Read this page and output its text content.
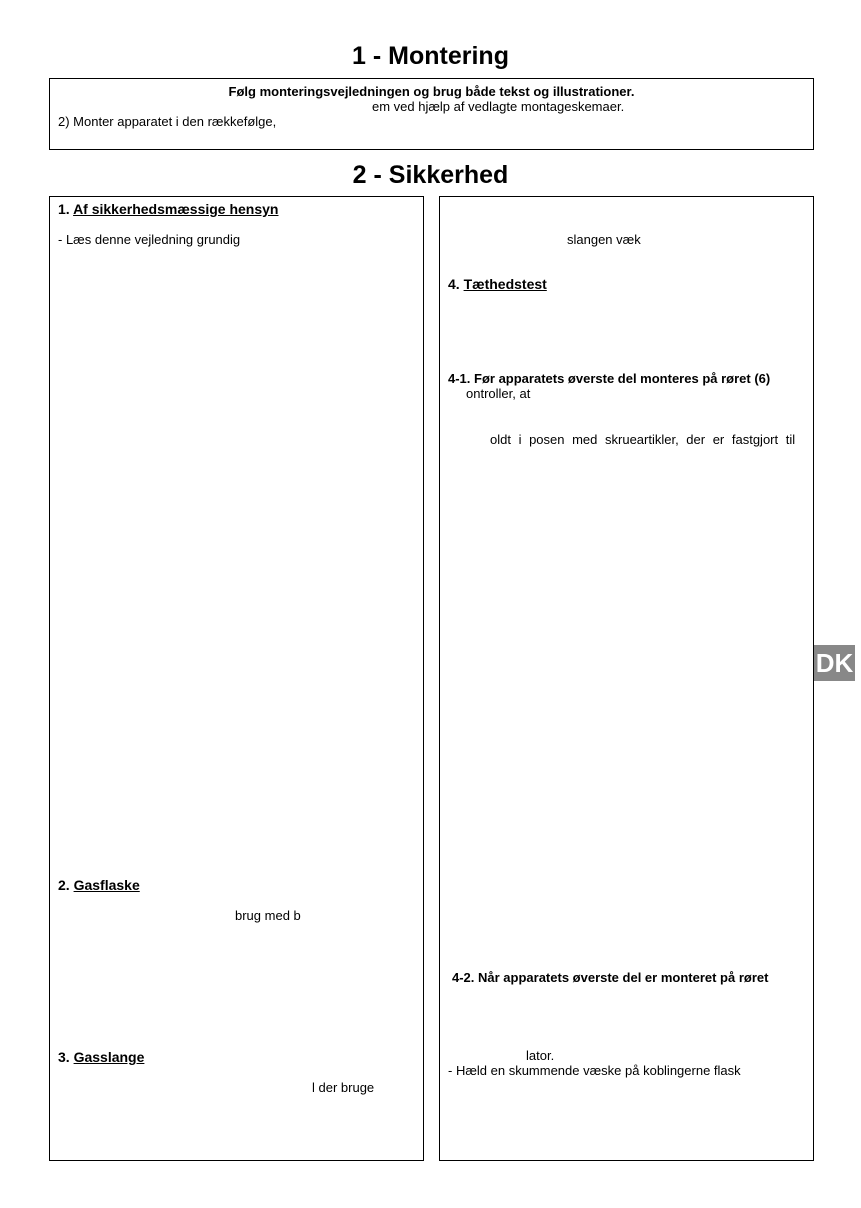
1 - Montering
Følg monteringsvejledningen og brug både tekst og illustrationer.
em ved hjælp af vedlagte montageskemaer.
2) Monter apparatet i den rækkefølge,
2 - Sikkerhed
1. Af sikkerhedsmæssige hensyn
- Læs denne vejledning grundig
2. Gasflaske
brug med b
3. Gasslange
l der bruge
slangen væk
4. Tæthedstest
4-1. Før apparatets øverste del monteres på røret (6)
ontroller, at
oldt i posen med skrueartikler, der er fastgjort til
4-2. Når apparatets øverste del er monteret på røret
lator.
- Hæld en skummende væske på koblingerne flask
DK
